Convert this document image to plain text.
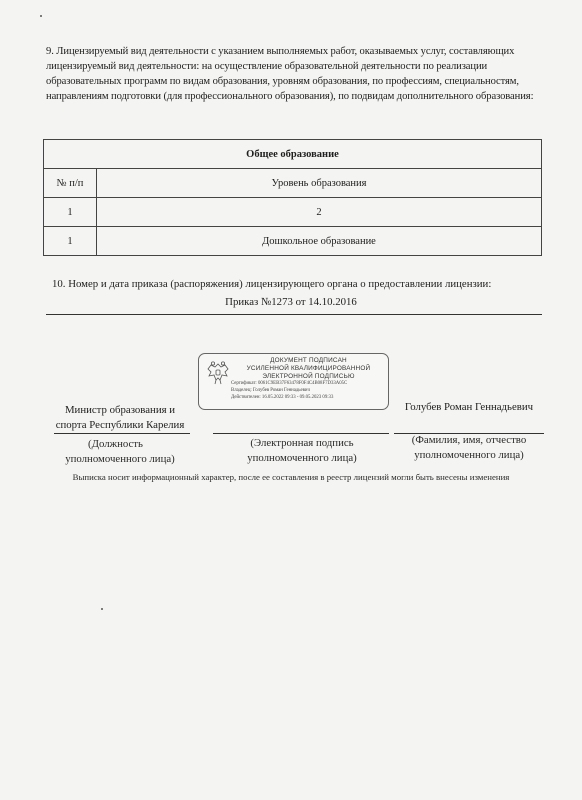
9. Лицензируемый вид деятельности с указанием выполняемых работ, оказываемых услуг, составляющих лицензируемый вид деятельности: на осуществление образовательной деятельности по реализации образовательных программ по видам образования, уровням образования, по профессиям, специальностям, направлениям подготовки (для профессионального образования), по подвидам дополнительного образования:
Общее образование	
№ п/п	Уровень образования
1	2
1	Дошкольное образование
10. Номер и дата приказа (распоряжения) лицензирующего органа о предоставлении лицензии:
Приказ №1273 от 14.10.2016
ДОКУМЕНТ ПОДПИСАН
УСИЛЕННОЙ КВАЛИФИЦИРОВАННОЙ
ЭЛЕКТРОННОЙ ПОДПИСЬЮ
Сертификат: 0061C9EB37F63478F0F4C4B08F7D33A05C
Владелец: Голубев Роман Геннадьевич
Действителен: 16.05.2022 09:33 - 09.05.2023 09:33
Министр образования и
спорта Республики Карелия
Голубев Роман Геннадьевич
(Должность
уполномоченного лица)
(Электронная подпись
уполномоченного лица)
(Фамилия, имя, отчество
уполномоченного лица)
Выписка носит информационный характер, после ее составления в реестр лицензий могли быть внесены изменения
